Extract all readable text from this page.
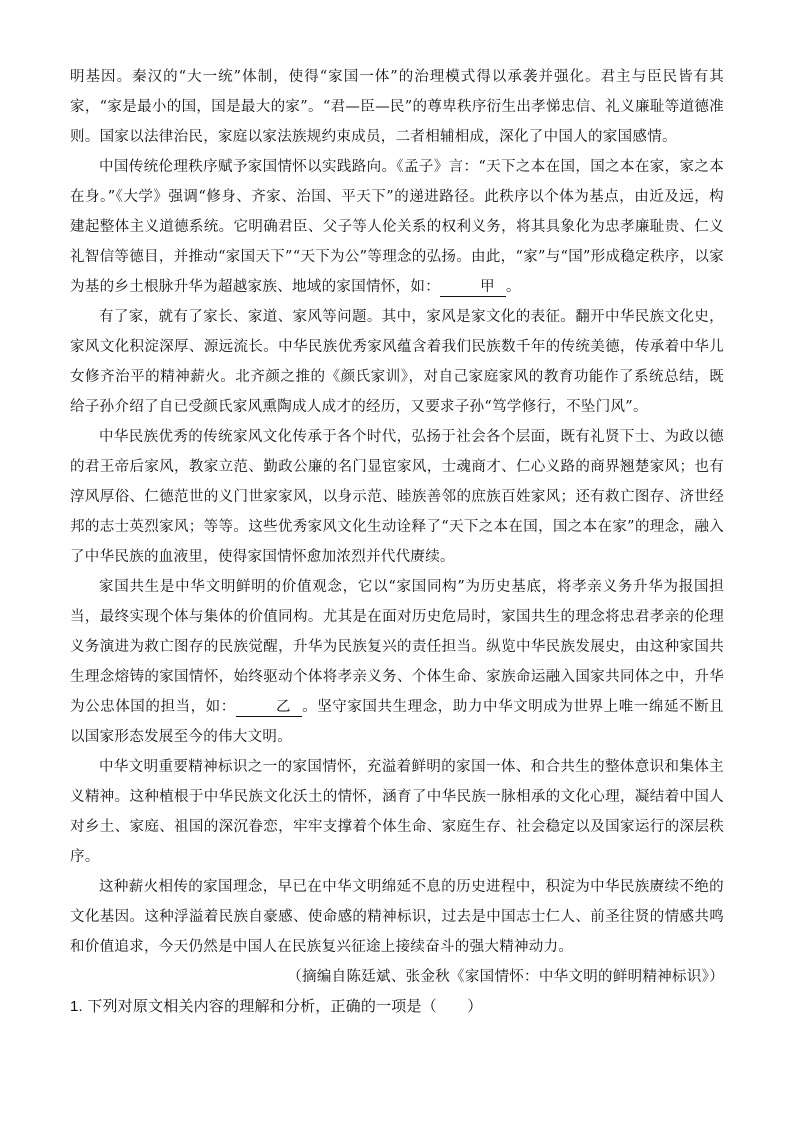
明基因。秦汉的“大一统”体制，使得“家国一体”的治理模式得以承袭并强化。君主与臣民皆有其家，“家是最小的国，国是最大的家”。“君—臣—民”的尊卑秩序衍生出孝悌忠信、礼义廉耻等道德准则。国家以法律治民，家庭以家法族规约束成员，二者相辅相成，深化了中国人的家国感情。

中国传统伦理秩序赋予家国情怀以实践路向。《孟子》言：“天下之本在国，国之本在家，家之本在身。”《大学》强调“修身、齐家、治国、平天下”的递进路径。此秩序以个体为基点，由近及远，构建起整体主义道德系统。它明确君臣、父子等人伦关系的权利义务，将其具象化为忠孝廉耻贵、仁义礼智信等德目，并推动“家国天下”“天下为公”等理念的弘扬。由此，“家”与“国”形成稳定秩序，以家为基的乡土根脉升华为超越家族、地域的家国情怀，如：	甲 。

有了家，就有了家长、家道、家风等问题。其中，家风是家文化的表征。翻开中华民族文化史，家风文化积淀深厚、源远流长。中华民族优秀家风蕴含着我们民族数千年的传统美德，传承着中华儿女修齐治平的精神薪火。北齐颜之推的《颜氏家训》，对自己家庭家风的教育功能作了系统总结，既给子孙介绍了自已受颜氏家风熏陶成人成才的经历，又要求子孙“笃学修行，不坠门风”。

中华民族优秀的传统家风文化传承于各个时代，弘扬于社会各个层面，既有礼贤下士、为政以德的君王帝后家风，教家立范、勤政公廉的名门显宦家风，士魂商才、仁心义路的商界翘楚家风；也有淳风厚俗、仁德范世的义门世家家风，以身示范、睦族善邻的庶族百姓家风；还有救亡图存、济世经邦的志士英烈家风；等等。这些优秀家风文化生动诠释了“天下之本在国，国之本在家”的理念，融入了中华民族的血液里，使得家国情怀愈加浓烈并代代赓续。

家国共生是中华文明鲜明的价值观念，它以“家国同构”为历史基底，将孝亲义务升华为报国担当，最终实现个体与集体的价值同构。尤其是在面对历史危局时，家国共生的理念将忠君孝亲的伦理义务演进为救亡图存的民族觉醒，升华为民族复兴的责任担当。纵览中华民族发展史，由这种家国共生理念熔铸的家国情怀，始终驱动个体将孝亲义务、个体生命、家族命运融入国家共同体之中，升华为公忠体国的担当，如：	乙 。坚守家国共生理念，助力中华文明成为世界上唯一绵延不断且以国家形态发展至今的伟大文明。

中华文明重要精神标识之一的家国情怀，充溢着鲜明的家国一体、和合共生的整体意识和集体主义精神。这种植根于中华民族文化沃土的情怀，涵育了中华民族一脉相承的文化心理，凝结着中国人对乡土、家庭、祖国的深沉眷恋，牢牢支撑着个体生命、家庭生存、社会稳定以及国家运行的深层秩序。

这种薪火相传的家国理念，早已在中华文明绵延不息的历史进程中，积淀为中华民族赓续不绝的文化基因。这种浮溢着民族自豪感、使命感的精神标识，过去是中国志士仁人、前圣往贤的情感共鸣和价值追求，今天仍然是中国人在民族复兴征途上接续奋斗的强大精神动力。

（摘编自陈廷斌、张金秋《家国情怀：中华文明的鲜明精神标识》）

1. 下列对原文相关内容的理解和分析，正确的一项是（　　）
